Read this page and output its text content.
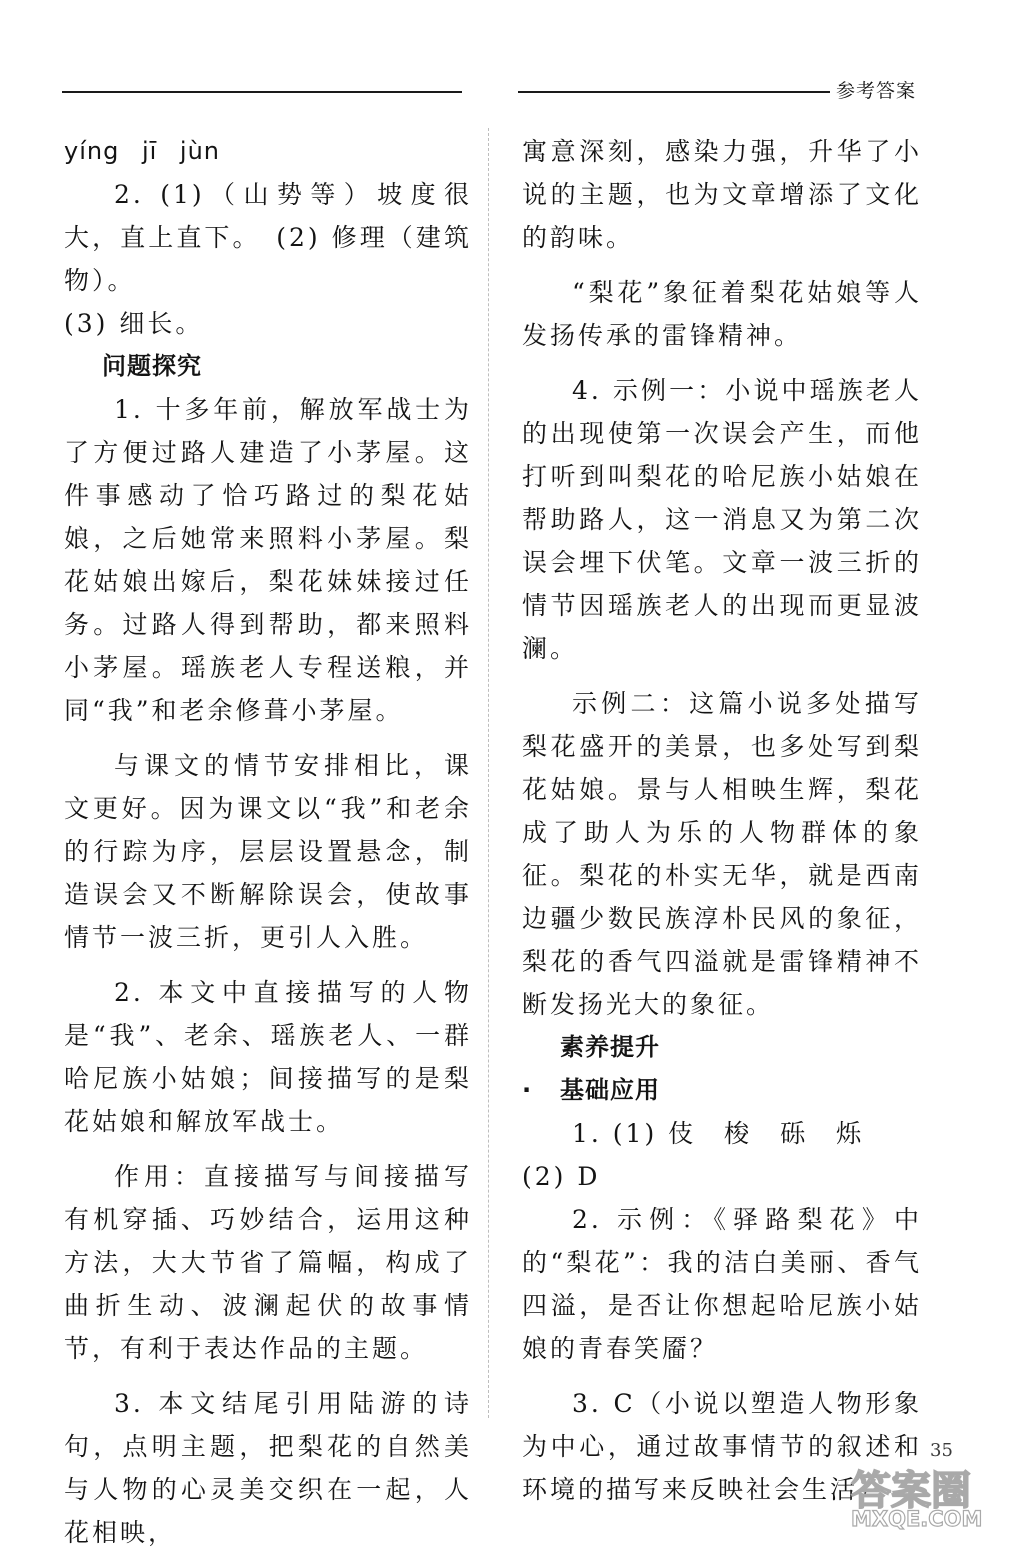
参考答案

yíng jī jùn

2. (1)（山势等）坡度很大，直上直下。　(2) 修理（建筑物）。

(3) 细长。

问题探究

1. 十多年前，解放军战士为了方便过路人建造了小茅屋。这件事感动了恰巧路过的梨花姑娘，之后她常来照料小茅屋。梨花姑娘出嫁后，梨花妹妹接过任务。过路人得到帮助，都来照料小茅屋。瑶族老人专程送粮，并同“我”和老余修葺小茅屋。

与课文的情节安排相比，课文更好。因为课文以“我”和老余的行踪为序，层层设置悬念，制造误会又不断解除误会，使故事情节一波三折，更引人入胜。

2. 本文中直接描写的人物是“我”、老余、瑶族老人、一群哈尼族小姑娘；间接描写的是梨花姑娘和解放军战士。

作用：直接描写与间接描写有机穿插、巧妙结合，运用这种方法，大大节省了篇幅，构成了曲折生动、波澜起伏的故事情节，有利于表达作品的主题。

3. 本文结尾引用陆游的诗句，点明主题，把梨花的自然美与人物的心灵美交织在一起，人花相映，

寓意深刻，感染力强，升华了小说的主题，也为文章增添了文化的韵味。

“梨花”象征着梨花姑娘等人发扬传承的雷锋精神。

4. 示例一：小说中瑶族老人的出现使第一次误会产生，而他打听到叫梨花的哈尼族小姑娘在帮助路人，这一消息又为第二次误会埋下伏笔。文章一波三折的情节因瑶族老人的出现而更显波澜。

示例二：这篇小说多处描写梨花盛开的美景，也多处写到梨花姑娘。景与人相映生辉，梨花成了助人为乐的人物群体的象征。梨花的朴实无华，就是西南边疆少数民族淳朴民风的象征，梨花的香气四溢就是雷锋精神不断发扬光大的象征。

素养提升

· 基础应用

1. (1) 伎　梭　砾　烁

(2) D

2. 示例：《驿路梨花》中的“梨花”：我的洁白美丽、香气四溢，是否让你想起哈尼族小姑娘的青春笑靥？

3. C（小说以塑造人物形象为中心，通过故事情节的叙述和环境的描写来反映社会生活）

35
答案圈
MXQE.COM
